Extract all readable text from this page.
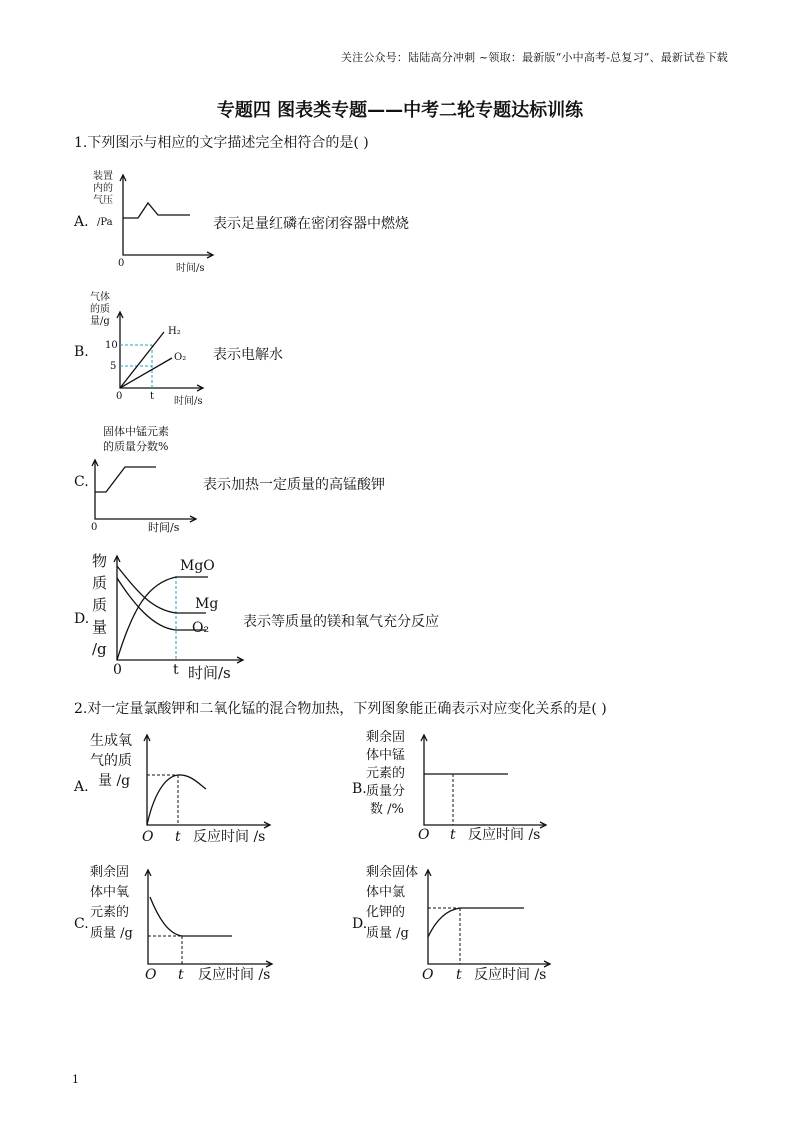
关注公众号：陆陆高分冲刺 ~领取：最新版“小中高考-总复习”、最新试卷下载
专题四 图表类专题——中考二轮专题达标训练
1.下列图示与相应的文字描述完全相符合的是( )
A.
装置
内的
气压
/Pa
0	时间/s
表示足量红磷在密闭容器中燃烧
B.
气体
的质
量/g
10
5
H₂
O₂
0	t 时间/s
表示电解水
C.
固体中锰元素
的质量分数%
0	时间/s
表示加热一定质量的高锰酸钾
D.
物
质
质
量
/g
MgO
Mg
O₂
0	t 时间/s
表示等质量的镁和氧气充分反应
2.对一定量氯酸钾和二氧化锰的混合物加热，下列图象能正确表示对应变化关系的是( )
A.
生成氧
气的质
量 /g
O t 反应时间 /s
B.
剩余固
体中锰
元素的
质量分
数 /%
O t 反应时间 /s
C.
剩余固
体中氧
元素的
质量 /g
O t 反应时间 /s
D.
剩余固体
体中氯
化钾的
质量 /g
O t 反应时间 /s
1
